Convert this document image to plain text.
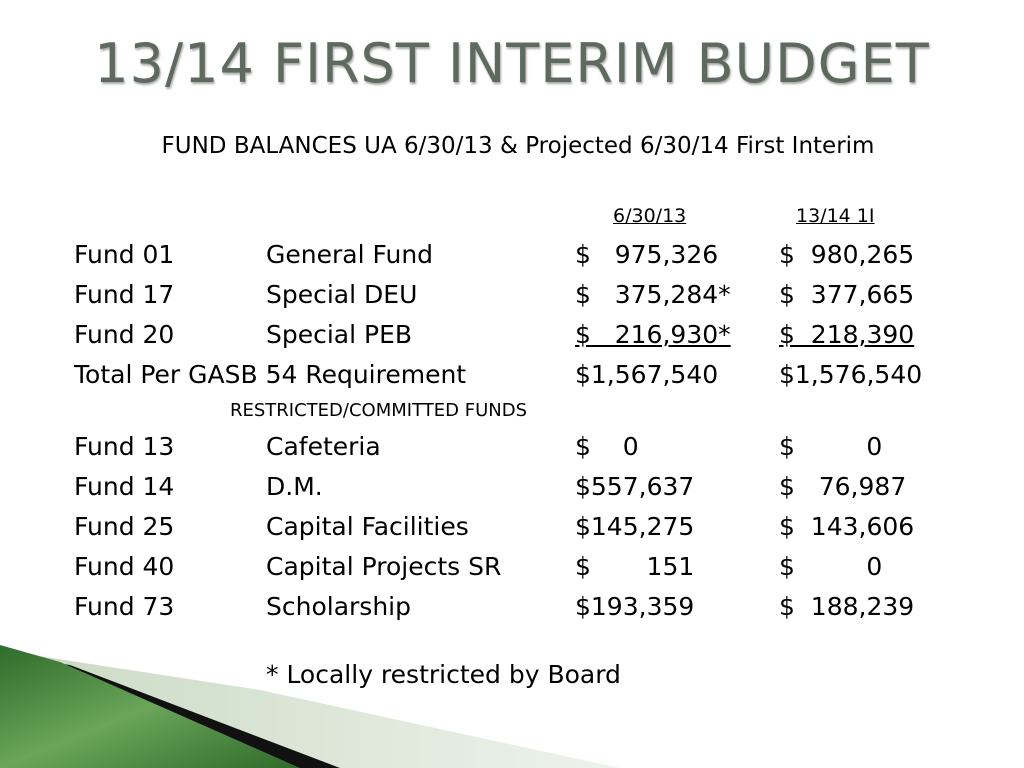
13/14 FIRST INTERIM BUDGET
FUND BALANCES UA 6/30/13 & Projected 6/30/14 First Interim
6/30/13	13/14 1I
Fund 01	General Fund	$   975,326 $  980,265
Fund 17	Special DEU	$   375,284* $  377,665
Fund 20	Special PEB	$   216,930* $  218,390
Total Per GASB 54 Requirement	$1,567,540 $1,576,540
RESTRICTED/COMMITTED FUNDS
Fund 13	Cafeteria	$    0	$         0
Fund 14	D.M.	$557,637	$   76,987
Fund 25	Capital Facilities	$145,275	$  143,606
Fund 40	Capital Projects SR	$       151	$         0
Fund 73	Scholarship	$193,359	$  188,239
* Locally restricted by Board
